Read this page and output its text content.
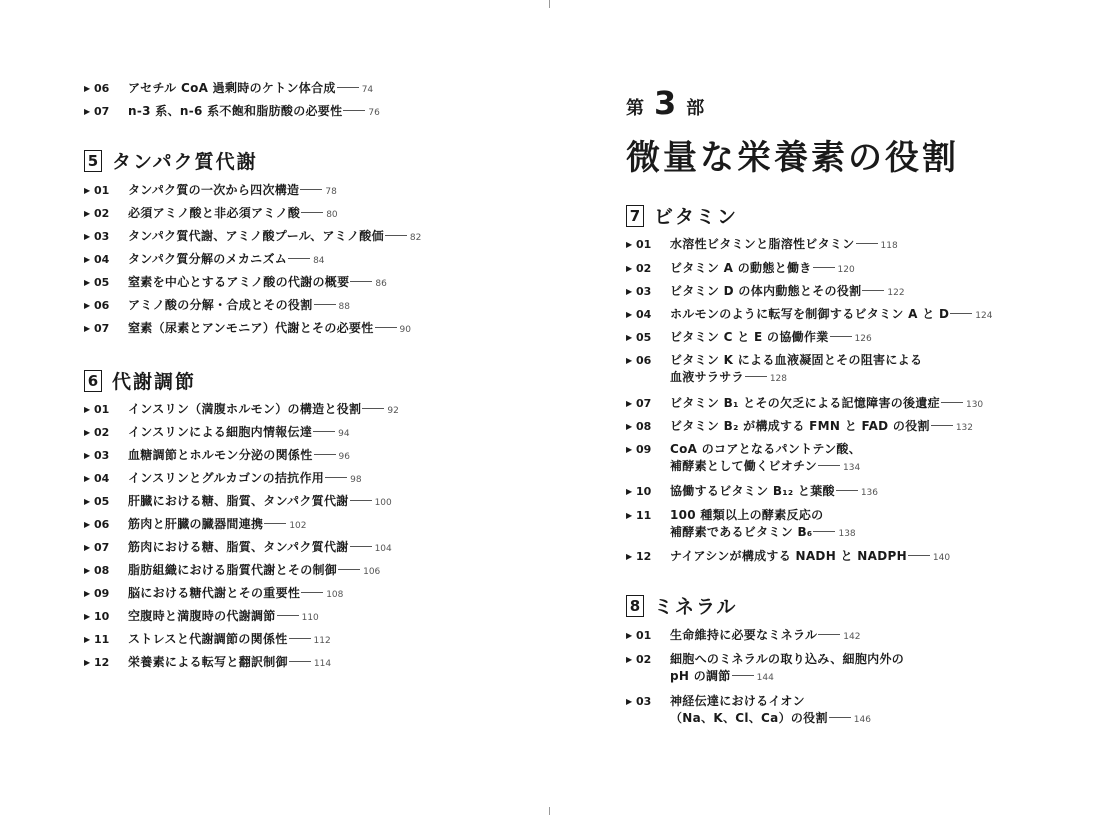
▶ 06 アセチル CoA 過剰時のケトン体合成	74
▶ 07 n-3 系、n-6 系不飽和脂肪酸の必要性	76
5 タンパク質代謝
▶ 01 タンパク質の一次から四次構造	78
▶ 02 必須アミノ酸と非必須アミノ酸	80
▶ 03 タンパク質代謝、アミノ酸プール、アミノ酸価	82
▶ 04 タンパク質分解のメカニズム	84
▶ 05 窒素を中心とするアミノ酸の代謝の概要	86
▶ 06 アミノ酸の分解・合成とその役割	88
▶ 07 窒素（尿素とアンモニア）代謝とその必要性	90
6 代謝調節
▶ 01 インスリン（満腹ホルモン）の構造と役割	92
▶ 02 インスリンによる細胞内情報伝達	94
▶ 03 血糖調節とホルモン分泌の関係性	96
▶ 04 インスリンとグルカゴンの拮抗作用	98
▶ 05 肝臓における糖、脂質、タンパク質代謝	100
▶ 06 筋肉と肝臓の臓器間連携	102
▶ 07 筋肉における糖、脂質、タンパク質代謝	104
▶ 08 脂肪組織における脂質代謝とその制御	106
▶ 09 脳における糖代謝とその重要性	108
▶ 10 空腹時と満腹時の代謝調節	110
▶ 11 ストレスと代謝調節の関係性	112
▶ 12 栄養素による転写と翻訳制御	114
第 3 部
微量な栄養素の役割
7 ビタミン
▶ 01 水溶性ビタミンと脂溶性ビタミン	118
▶ 02 ビタミン A の動態と働き	120
▶ 03 ビタミン D の体内動態とその役割	122
▶ 04 ホルモンのように転写を制御するビタミン A と D	124
▶ 05 ビタミン C と E の協働作業	126
▶ 06 ビタミン K による血液凝固とその阻害による
血液サラサラ	128
▶ 07 ビタミン B₁ とその欠乏による記憶障害の後遺症	130
▶ 08 ビタミン B₂ が構成する FMN と FAD の役割	132
▶ 09 CoA のコアとなるパントテン酸、
補酵素として働くビオチン	134
▶ 10 協働するビタミン B₁₂ と葉酸	136
▶ 11 100 種類以上の酵素反応の
補酵素であるビタミン B₆	138
▶ 12 ナイアシンが構成する NADH と NADPH	140
8 ミネラル
▶ 01 生命維持に必要なミネラル	142
▶ 02 細胞へのミネラルの取り込み、細胞内外の
pH の調節	144
▶ 03 神経伝達におけるイオン
（Na、K、Cl、Ca）の役割	146
